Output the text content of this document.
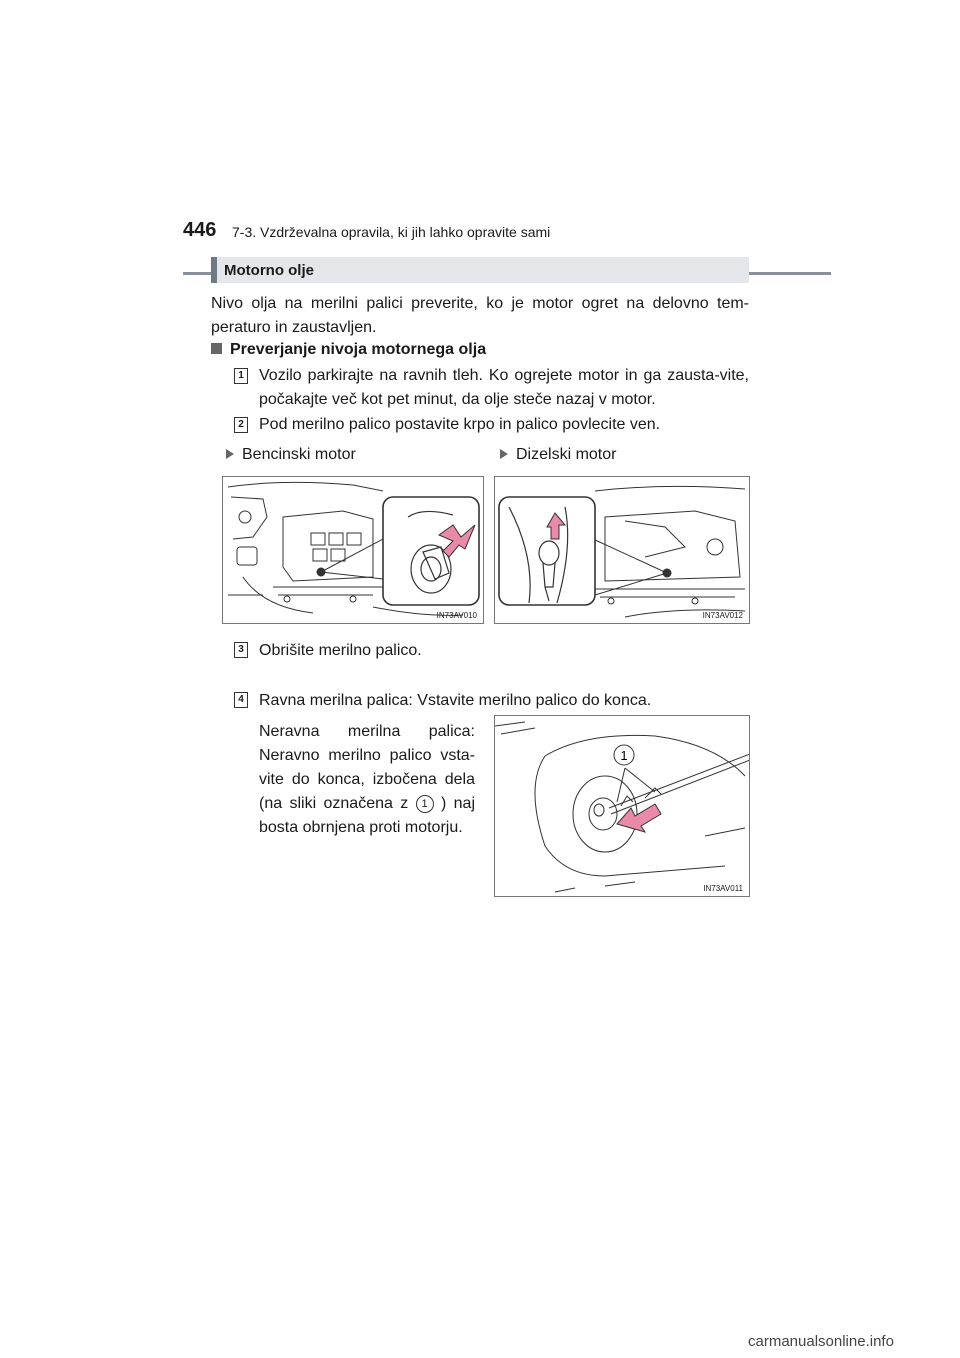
446 7-3. Vzdrževalna opravila, ki jih lahko opravite sami
Motorno olje
Nivo olja na merilni palici preverite, ko je motor ogret na delovno tem-peraturo in zaustavljen.
Preverjanje nivoja motornega olja
1 Vozilo parkirajte na ravnih tleh. Ko ogrejete motor in ga zausta-vite, počakajte več kot pet minut, da olje steče nazaj v motor.
2 Pod merilno palico postavite krpo in palico povlecite ven.
Bencinski motor	Dizelski motor
IN73AV010	IN73AV012
3 Obrišite merilno palico.
4 Ravna merilna palica: Vstavite merilno palico do konca.
Neravna merilna palica: Neravno merilno palico vsta-vite do konca, izbočena dela (na sliki označena z 1 ) naj bosta obrnjena proti motorju.
1
IN73AV011
carmanualsonline.info
